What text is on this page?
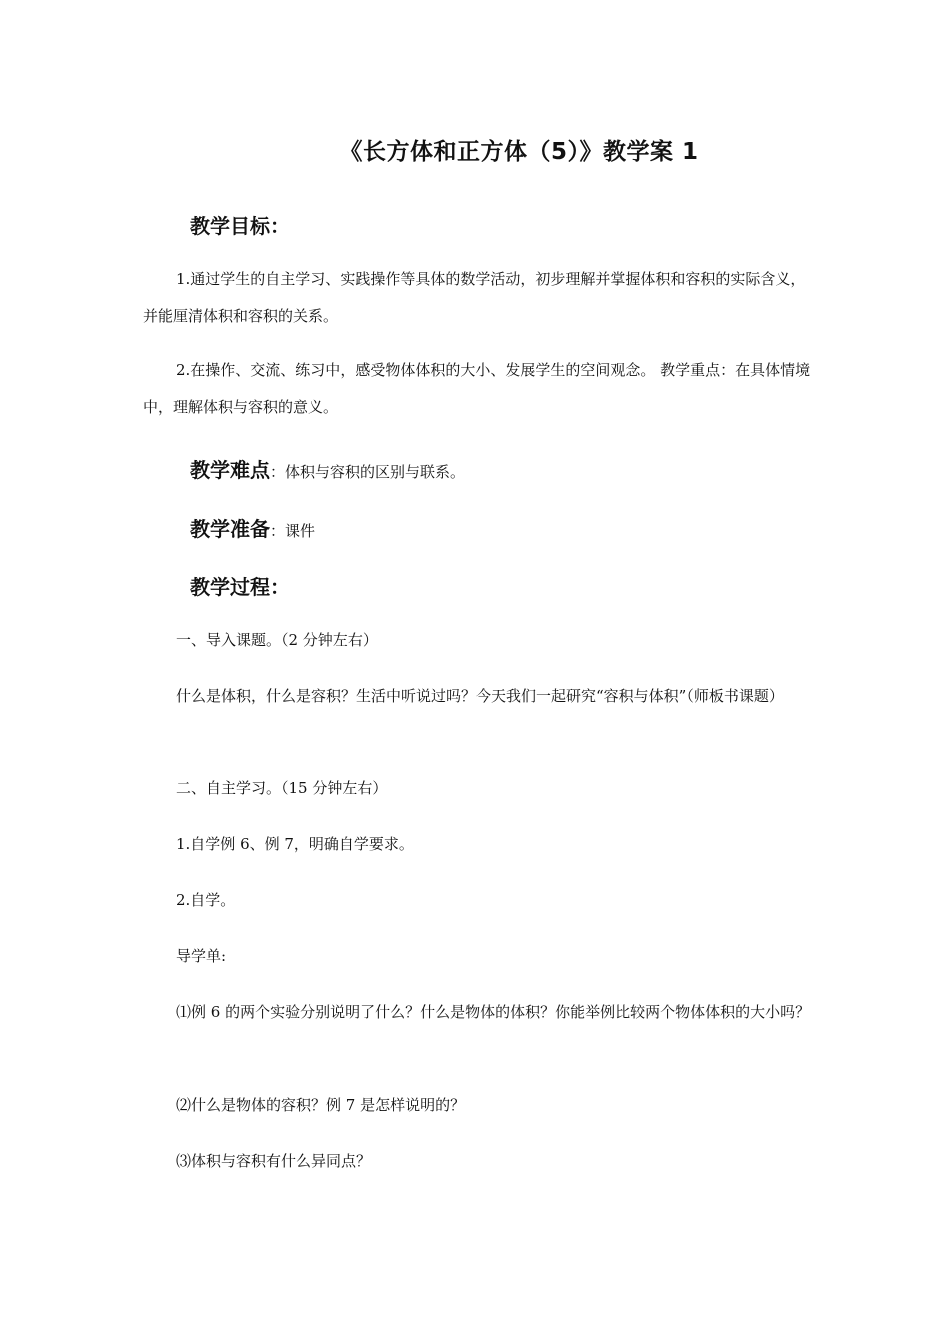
《长方体和正方体（5）》教学案 1
教学目标：

1.通过学生的自主学习、实践操作等具体的数学活动，初步理解并掌握体积和容积的实际含义，并能厘清体积和容积的关系。

2.在操作、交流、练习中，感受物体体积的大小、发展学生的空间观念。 教学重点：在具体情境中，理解体积与容积的意义。

教学难点：体积与容积的区别与联系。
教学准备：课件
教学过程：

一、导入课题。（2 分钟左右）

什么是体积，什么是容积？生活中听说过吗？今天我们一起研究“容积与体积”（师板书课题）

二、自主学习。（15 分钟左右）

1.自学例 6、例 7，明确自学要求。

2.自学。

导学单:

⑴例 6 的两个实验分别说明了什么？什么是物体的体积？你能举例比较两个物体体积的大小吗？

⑵什么是物体的容积？例 7 是怎样说明的？

⑶体积与容积有什么异同点？
